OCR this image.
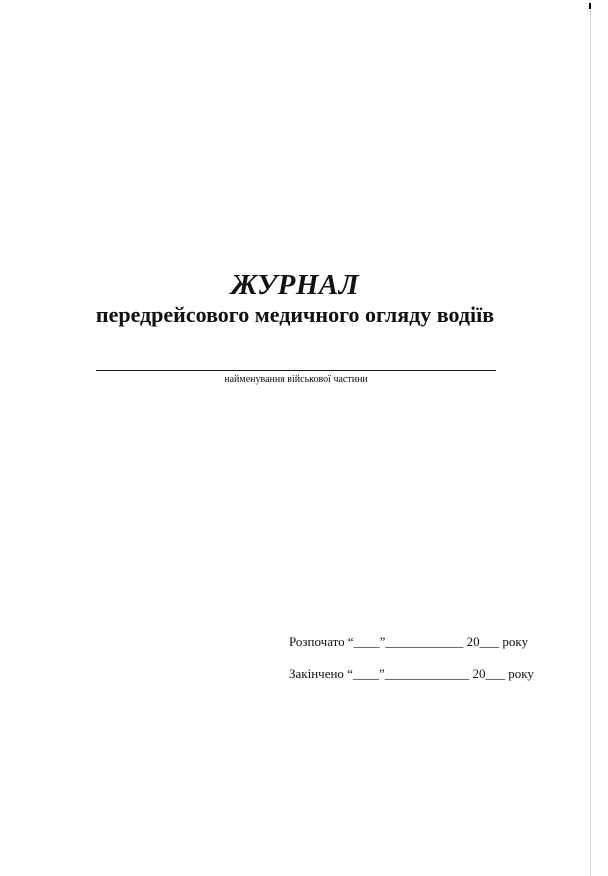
ЖУРНАЛ
передрейсового медичного огляду водіїв
найменування військової частини
Розпочато “____”____________ 20___ року
Закінчено “____”_____________ 20___ року
